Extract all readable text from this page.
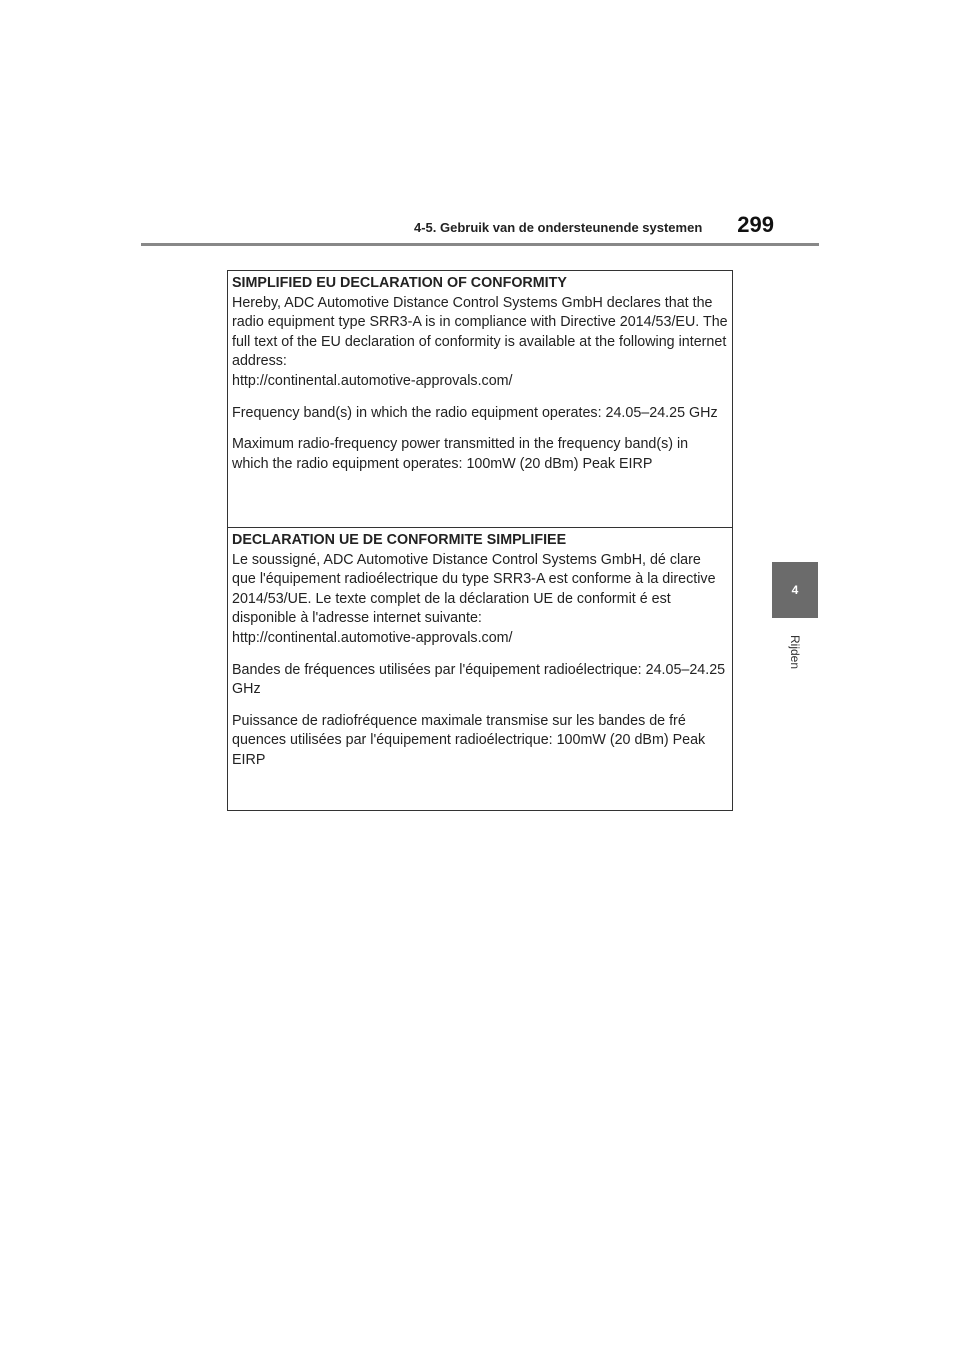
4-5. Gebruik van de ondersteunende systemen 299
4
Rijden
SIMPLIFIED EU DECLARATION OF CONFORMITY
Hereby, ADC Automotive Distance Control Systems GmbH declares that the radio equipment type SRR3-A is in compliance with Directive 2014/53/EU. The full text of the EU declaration of conformity is available at the following internet address:

http://continental.automotive-approvals.com/

Frequency band(s) in which the radio equipment operates: 24.05–24.25 GHz

Maximum radio-frequency power transmitted in the frequency band(s) in which the radio equipment operates: 100mW (20 dBm) Peak EIRP

DECLARATION UE DE CONFORMITE SIMPLIFIEE
Le soussigné, ADC Automotive Distance Control Systems GmbH, dé clare que l'équipement radioélectrique du type SRR3-A est conforme à la directive 2014/53/UE. Le texte complet de la déclaration UE de conformit é est disponible à l'adresse internet suivante:

http://continental.automotive-approvals.com/

Bandes de fréquences utilisées par l'équipement radioélectrique: 24.05–24.25 GHz

Puissance de radiofréquence maximale transmise sur les bandes de fré quences utilisées par l'équipement radioélectrique: 100mW (20 dBm) Peak EIRP
